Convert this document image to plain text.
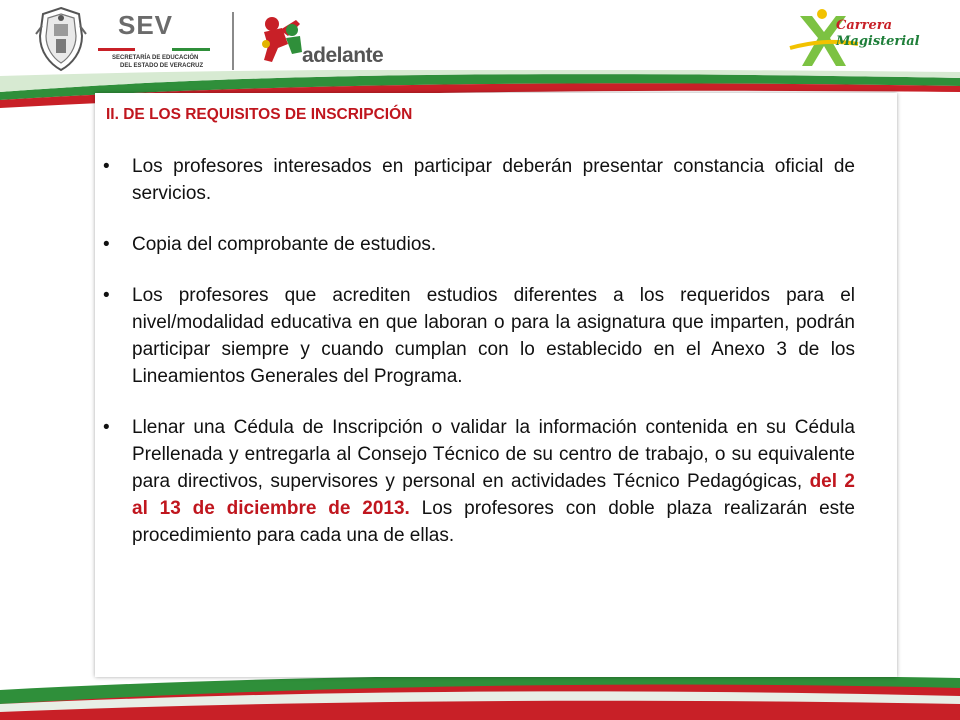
SEV
SECRETARÍA DE EDUCACIÓN
DEL ESTADO DE VERACRUZ	adelante
Carrera
Magisterial
II. DE LOS REQUISITOS DE INSCRIPCIÓN
• Los profesores interesados en participar deberán presentar constancia oficial de servicios.
• Copia del comprobante de estudios.
• Los profesores que acrediten estudios diferentes a los requeridos para el nivel/modalidad educativa en que laboran o para la asignatura que imparten, podrán participar siempre y cuando cumplan con lo establecido en el Anexo 3 de los Lineamientos Generales del Programa.
• Llenar una Cédula de Inscripción o validar la información contenida en su Cédula Prellenada y entregarla al Consejo Técnico de su centro de trabajo, o su equivalente para directivos, supervisores y personal en actividades Técnico Pedagógicas, del 2 al 13 de diciembre de 2013. Los profesores con doble plaza realizarán este procedimiento para cada una de ellas.
